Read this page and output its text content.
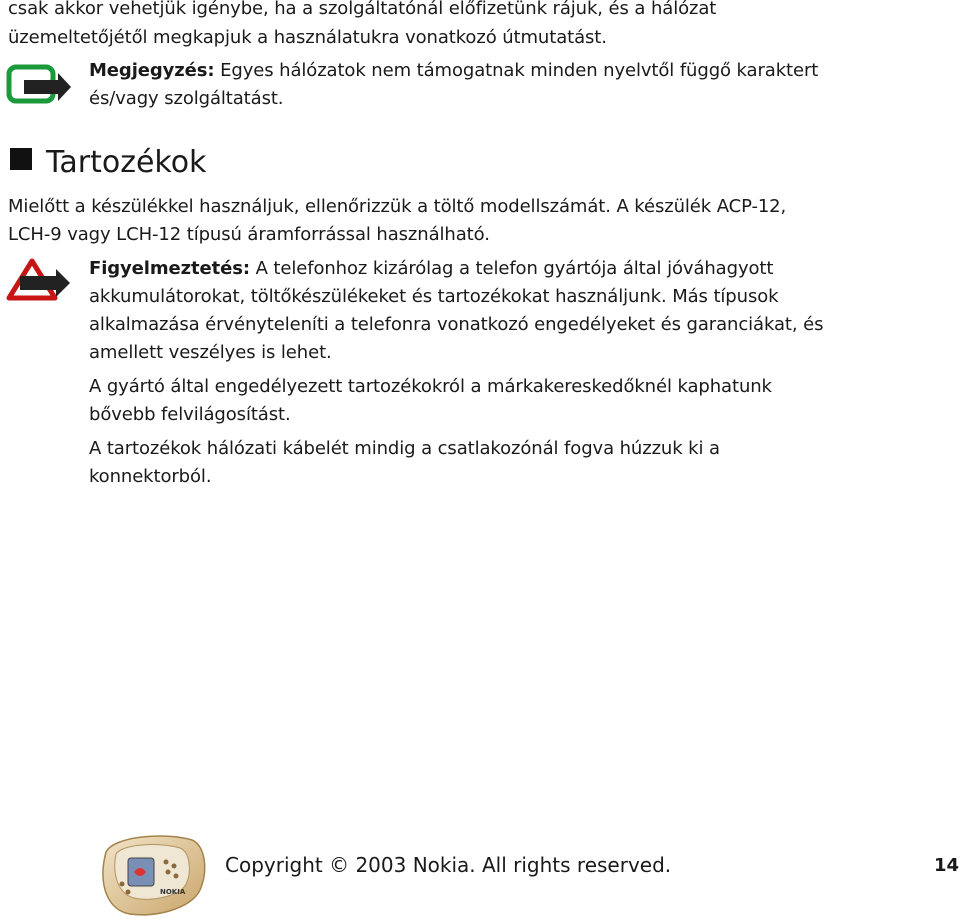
csak akkor vehetjük igénybe, ha a szolgáltatónál előfizetünk rájuk, és a hálózat
üzemeltetőjétől megkapjuk a használatukra vonatkozó útmutatást.
Megjegyzés: Egyes hálózatok nem támogatnak minden nyelvtől függő karaktert
és/vagy szolgáltatást.
Tartozékok
Mielőtt a készülékkel használjuk, ellenőrizzük a töltő modellszámát. A készülék ACP-12,
LCH-9 vagy LCH-12 típusú áramforrással használható.
Figyelmeztetés: A telefonhoz kizárólag a telefon gyártója által jóváhagyott
akkumulátorokat, töltőkészülékeket és tartozékokat használjunk. Más típusok
alkalmazása érvényteleníti a telefonra vonatkozó engedélyeket és garanciákat, és
amellett veszélyes is lehet.
A gyártó által engedélyezett tartozékokról a márkakereskedőknél kaphatunk
bővebb felvilágosítást.
A tartozékok hálózati kábelét mindig a csatlakozónál fogva húzzuk ki a
konnektorból.
NOKIA
Copyright © 2003 Nokia. All rights reserved.	14
